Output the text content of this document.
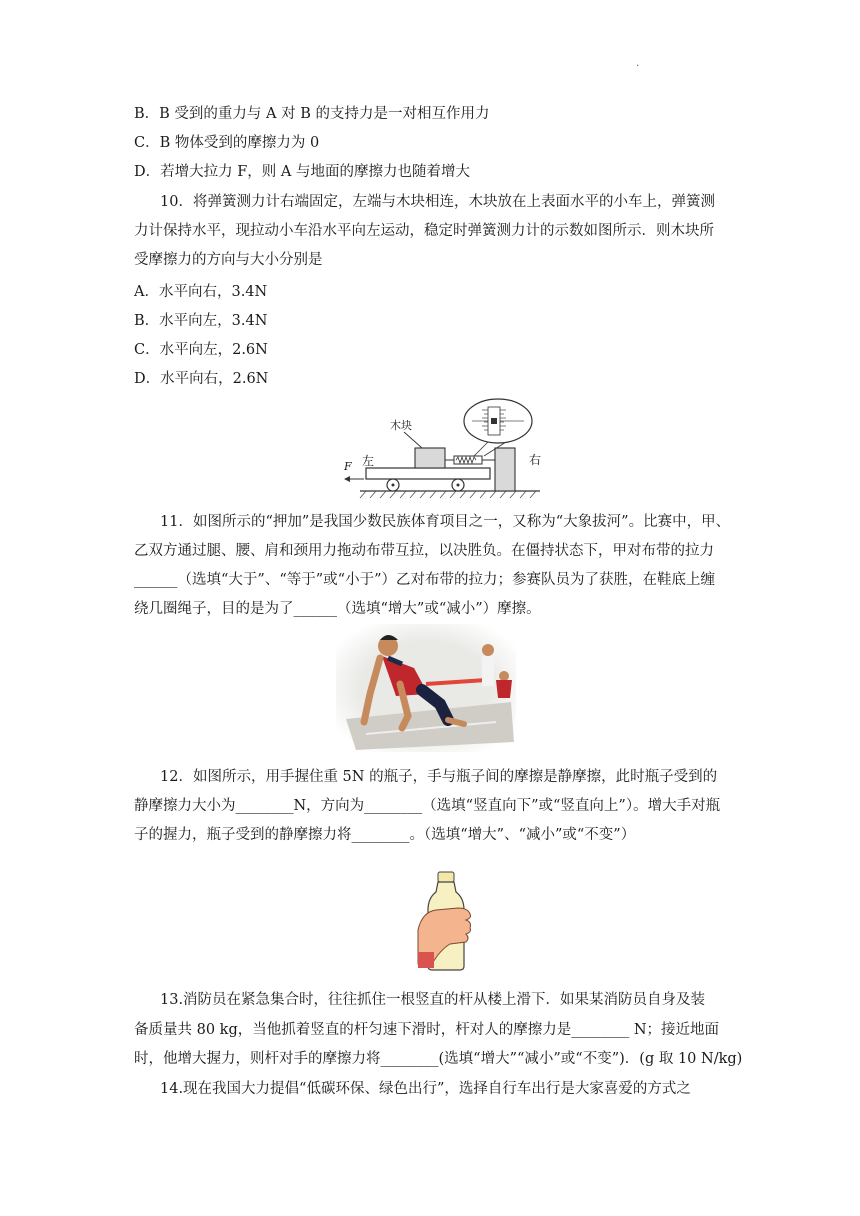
.
B．B 受到的重力与 A 对 B 的支持力是一对相互作用力
C．B 物体受到的摩擦力为 0
D．若增大拉力 F，则 A 与地面的摩擦力也随着增大
10．将弹簧测力计右端固定，左端与木块相连，木块放在上表面水平的小车上，弹簧测
力计保持水平，现拉动小车沿水平向左运动，稳定时弹簧测力计的示数如图所示．则木块所
受摩擦力的方向与大小分别是
A．水平向右，3.4N
B．水平向左，3.4N
C．水平向左，2.6N
D．水平向右，2.6N
木块
左	右
F
11．如图所示的“押加”是我国少数民族体育项目之一，又称为“大象拔河”。比赛中，甲、
乙双方通过腿、腰、肩和颈用力拖动布带互拉，以决胜负。在僵持状态下，甲对布带的拉力
______（选填“大于”、“等于”或“小于”）乙对布带的拉力；参赛队员为了获胜，在鞋底上缠
绕几圈绳子，目的是为了______（选填“增大”或“减小”）摩擦。
12．如图所示，用手握住重 5N 的瓶子，手与瓶子间的摩擦是静摩擦，此时瓶子受到的
静摩擦力大小为________N，方向为________（选填“竖直向下”或“竖直向上”）。增大手对瓶
子的握力，瓶子受到的静摩擦力将________。（选填“增大”、“减小”或“不变”）
13.消防员在紧急集合时，往往抓住一根竖直的杆从楼上滑下．如果某消防员自身及装
备质量共 80 kg，当他抓着竖直的杆匀速下滑时，杆对人的摩擦力是________ N；接近地面
时，他增大握力，则杆对手的摩擦力将________(选填“增大”“减小”或“不变”)．(g 取 10 N/kg)
14.现在我国大力提倡“低碳环保、绿色出行”，选择自行车出行是大家喜爱的方式之
